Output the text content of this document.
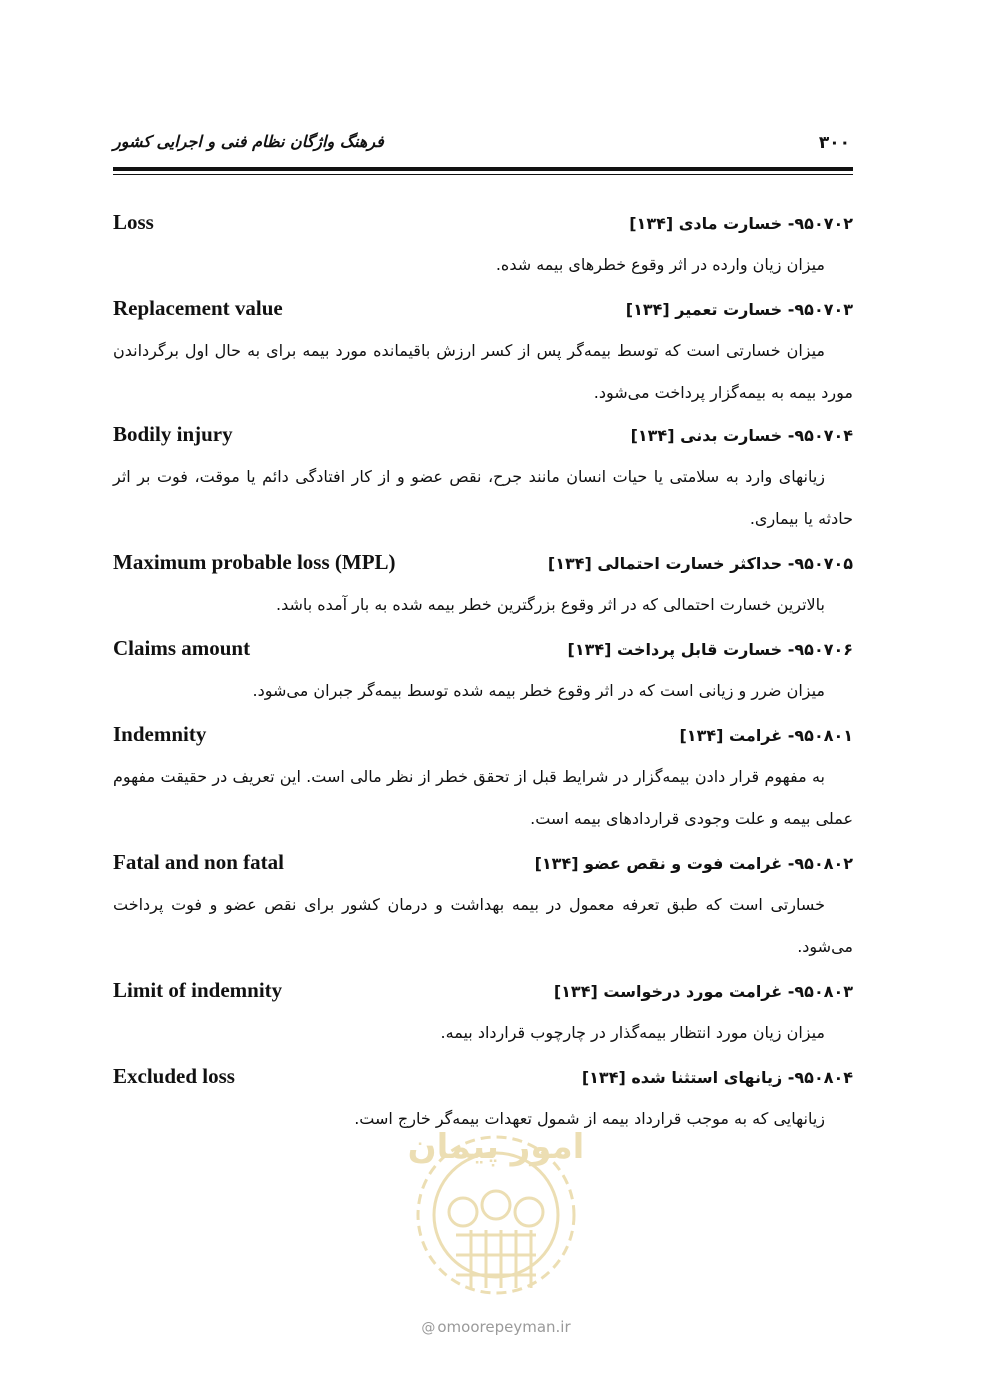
۳۰۰
فرهنگ واژگان نظام فنی و اجرایی کشور
Loss	۹۵۰۷۰۲- خسارت مادی [۱۳۴]
میزان زیان وارده در اثر وقوع خطرهای بیمه شده.
Replacement value	۹۵۰۷۰۳- خسارت تعمیر [۱۳۴]
میزان خسارتی است که توسط بیمه‌گر پس از کسر ارزش باقیمانده مورد بیمه برای به حال اول برگرداندن مورد بیمه به بیمه‌گزار پرداخت می‌شود.
Bodily injury	۹۵۰۷۰۴- خسارت بدنی [۱۳۴]
زیانهای وارد به سلامتی یا حیات انسان مانند جرح، نقص عضو و از کار افتادگی دائم یا موقت، فوت بر اثر حادثه یا بیماری.
Maximum probable loss (MPL)	۹۵۰۷۰۵- حداکثر خسارت احتمالی [۱۳۴]
بالاترین خسارت احتمالی که در اثر وقوع بزرگترین خطر بیمه شده به بار آمده باشد.
Claims amount	۹۵۰۷۰۶- خسارت قابل پرداخت [۱۳۴]
میزان ضرر و زیانی است که در اثر وقوع خطر بیمه شده توسط بیمه‌گر جبران می‌شود.
Indemnity	۹۵۰۸۰۱- غرامت [۱۳۴]
به مفهوم قرار دادن بیمه‌گزار در شرایط قبل از تحقق خطر از نظر مالی است. این تعریف در حقیقت مفهوم عملی بیمه و علت وجودی قراردادهای بیمه است.
Fatal and non fatal	۹۵۰۸۰۲- غرامت فوت و نقص عضو [۱۳۴]
خسارتی است که طبق تعرفه معمول در بیمه بهداشت و درمان کشور برای نقص عضو و فوت پرداخت می‌شود.
Limit of indemnity	۹۵۰۸۰۳- غرامت مورد درخواست [۱۳۴]
میزان زیان مورد انتظار بیمه‌گذار در چارچوب قرارداد بیمه.
Excluded loss	۹۵۰۸۰۴- زیانهای استثنا شده [۱۳۴]
زیانهایی که به موجب قرارداد بیمه از شمول تعهدات بیمه‌گر خارج است.
امور پیمان
@ omoorepeyman.ir
